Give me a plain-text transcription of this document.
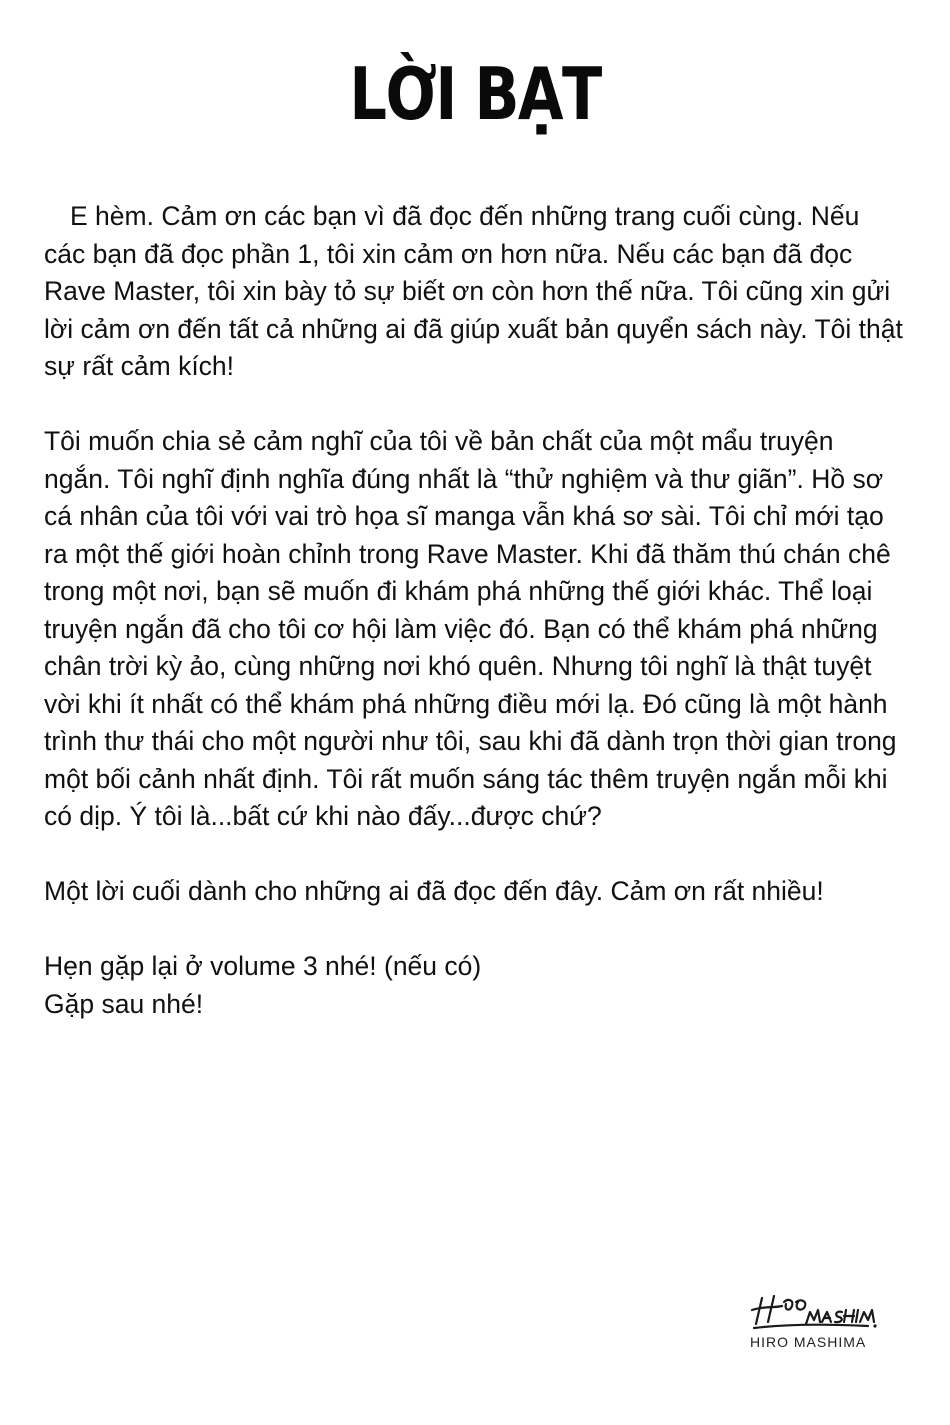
LỜI BẠT

E hèm. Cảm ơn các bạn vì đã đọc đến những trang cuối cùng. Nếu các bạn đã đọc phần 1, tôi xin cảm ơn hơn nữa. Nếu các bạn đã đọc Rave Master, tôi xin bày tỏ sự biết ơn còn hơn thế nữa. Tôi cũng xin gửi lời cảm ơn đến tất cả những ai đã giúp xuất bản quyển sách này. Tôi thật sự rất cảm kích!

Tôi muốn chia sẻ cảm nghĩ của tôi về bản chất của một mẩu truyện ngắn. Tôi nghĩ định nghĩa đúng nhất là “thử nghiệm và thư giãn”. Hồ sơ cá nhân của tôi với vai trò họa sĩ manga vẫn khá sơ sài. Tôi chỉ mới tạo ra một thế giới hoàn chỉnh trong Rave Master. Khi đã thăm thú chán chê trong một nơi, bạn sẽ muốn đi khám phá những thế giới khác. Thể loại truyện ngắn đã cho tôi cơ hội làm việc đó. Bạn có thể khám phá những chân trời kỳ ảo, cùng những nơi khó quên. Nhưng tôi nghĩ là thật tuyệt vời khi ít nhất có thể khám phá những điều mới lạ. Đó cũng là một hành trình thư thái cho một người như tôi, sau khi đã dành trọn thời gian trong một bối cảnh nhất định. Tôi rất muốn sáng tác thêm truyện ngắn mỗi khi có dịp. Ý tôi là...bất cứ khi nào đấy...được chứ?

Một lời cuối dành cho những ai đã đọc đến đây. Cảm ơn rất nhiều!

Hẹn gặp lại ở volume 3 nhé! (nếu có)

Gặp sau nhé!

HIRO MASHIMA
